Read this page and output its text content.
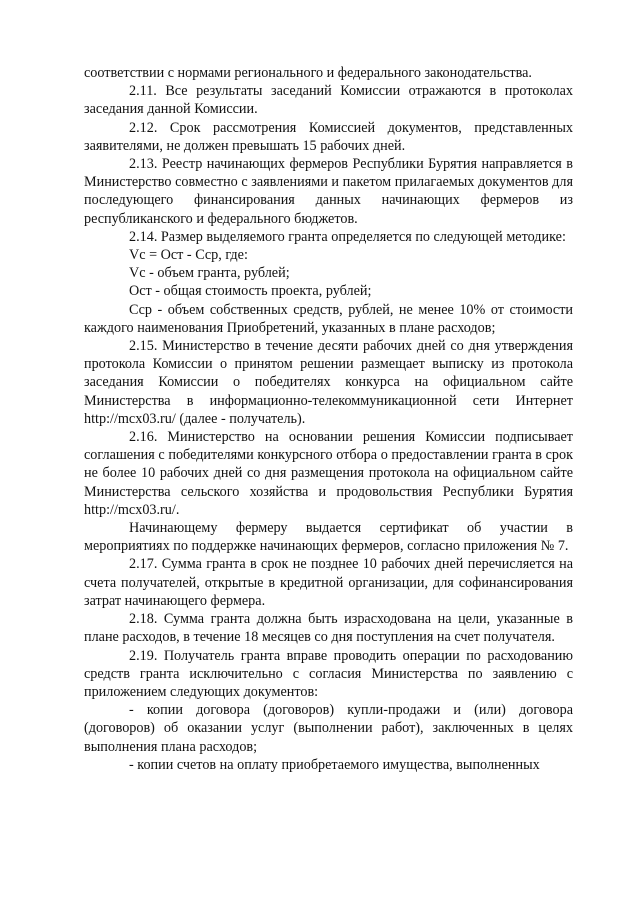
соответствии с нормами регионального и федерального законодательства.

2.11. Все результаты заседаний Комиссии отражаются в протоколах заседания данной Комиссии.

2.12. Срок рассмотрения Комиссией документов, представленных заявителями, не должен превышать 15 рабочих дней.

2.13. Реестр начинающих фермеров Республики Бурятия направляется в Министерство совместно с заявлениями и пакетом прилагаемых документов для последующего финансирования данных начинающих фермеров из республиканского и федерального бюджетов.

2.14. Размер выделяемого гранта определяется по следующей методике:

Vc = Ост - Сср, где:

Vc - объем гранта, рублей;

Ост - общая стоимость проекта, рублей;

Сср - объем собственных средств, рублей, не менее 10% от стоимости каждого наименования Приобретений, указанных в плане расходов;

2.15. Министерство в течение десяти рабочих дней со дня утверждения протокола Комиссии о принятом решении размещает выписку из протокола заседания Комиссии о победителях конкурса на официальном сайте Министерства в информационно-телекоммуникационной сети Интернет http://mcx03.ru/ (далее - получатель).

2.16. Министерство на основании решения Комиссии подписывает соглашения с победителями конкурсного отбора о предоставлении гранта в срок не более 10 рабочих дней со дня размещения протокола на официальном сайте Министерства сельского хозяйства и продовольствия Республики Бурятия http://mcx03.ru/.

Начинающему фермеру выдается сертификат об участии в мероприятиях по поддержке начинающих фермеров, согласно приложения № 7.

2.17. Сумма гранта в срок не позднее 10 рабочих дней перечисляется на счета получателей, открытые в кредитной организации, для софинансирования затрат начинающего фермера.

2.18. Сумма гранта должна быть израсходована на цели, указанные в плане расходов, в течение 18 месяцев со дня поступления на счет получателя.

2.19. Получатель гранта вправе проводить операции по расходованию средств гранта исключительно с согласия Министерства по заявлению с приложением следующих документов:

- копии договора (договоров) купли-продажи и (или) договора (договоров) об оказании услуг (выполнении работ), заключенных в целях выполнения плана расходов;

- копии счетов на оплату приобретаемого имущества, выполненных
